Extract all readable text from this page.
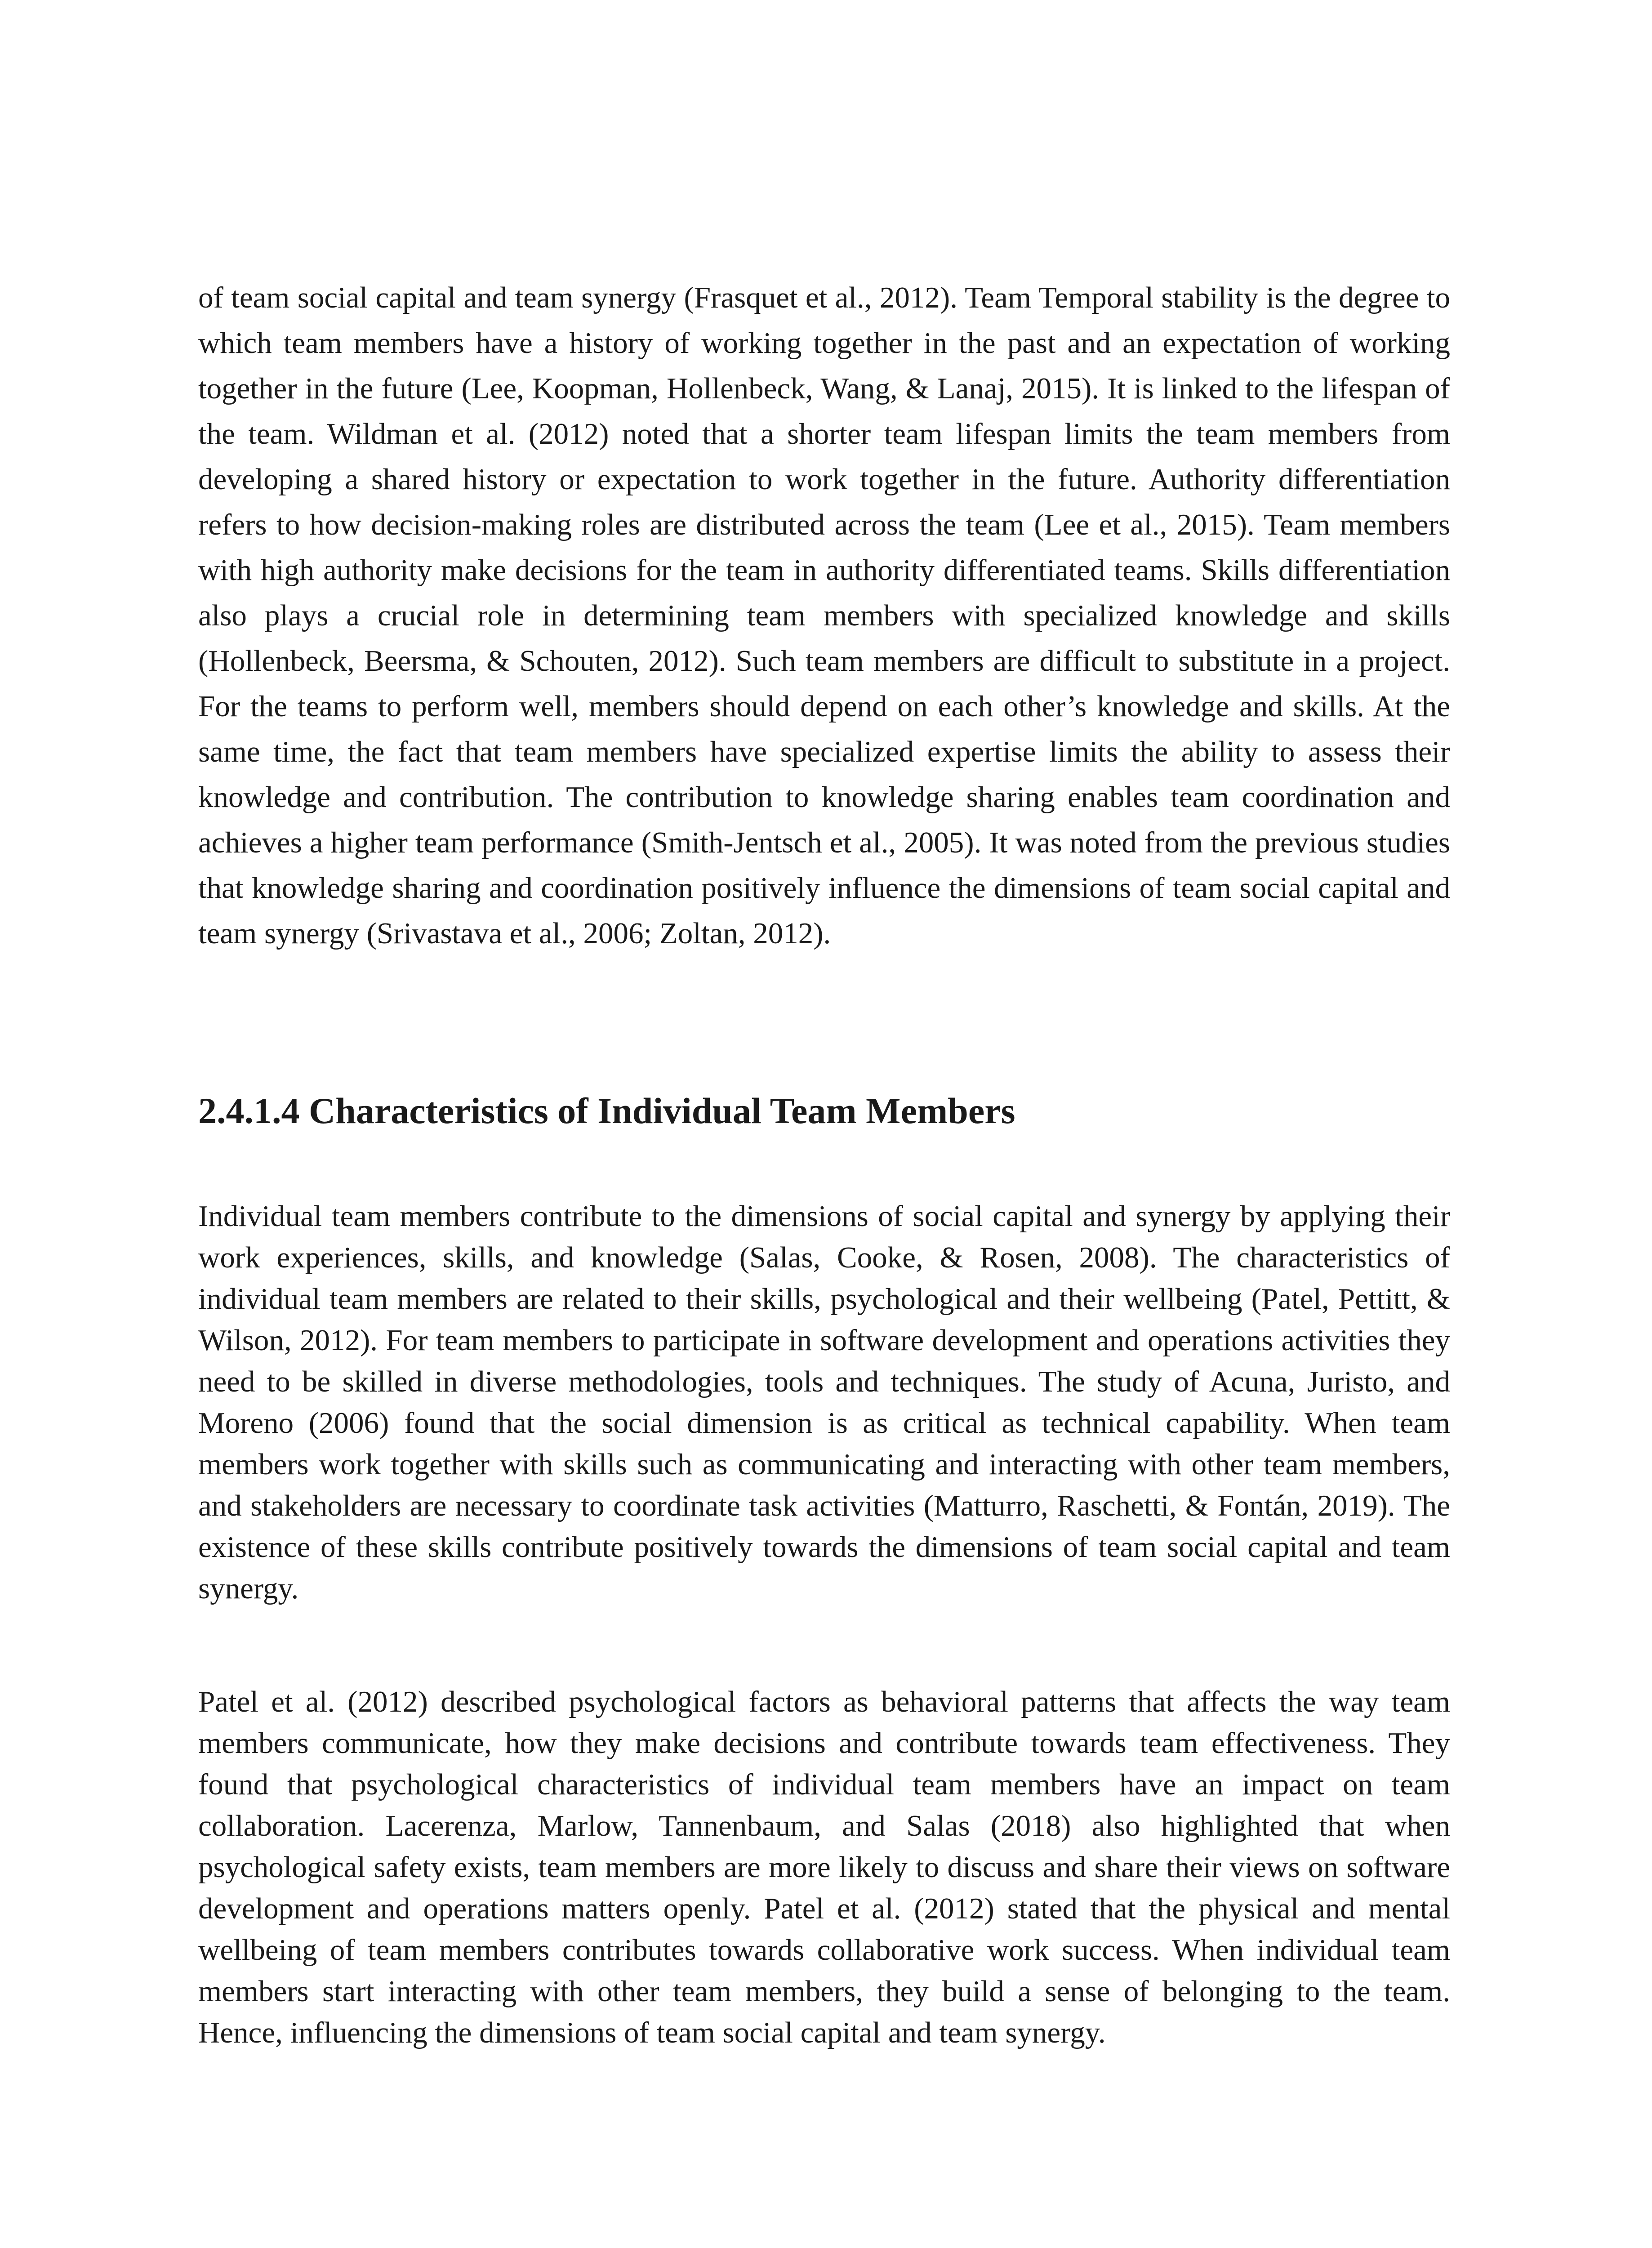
of team social capital and team synergy (Frasquet et al., 2012). Team Temporal stability is the degree to which team members have a history of working together in the past and an expectation of working together in the future (Lee, Koopman, Hollenbeck, Wang, & Lanaj, 2015). It is linked to the lifespan of the team. Wildman et al. (2012) noted that a shorter team lifespan limits the team members from developing a shared history or expectation to work together in the future. Authority differentiation refers to how decision-making roles are distributed across the team (Lee et al., 2015). Team members with high authority make decisions for the team in authority differentiated teams. Skills differentiation also plays a crucial role in determining team members with specialized knowledge and skills (Hollenbeck, Beersma, & Schouten, 2012). Such team members are difficult to substitute in a project. For the teams to perform well, members should depend on each other’s knowledge and skills. At the same time, the fact that team members have specialized expertise limits the ability to assess their knowledge and contribution. The contribution to knowledge sharing enables team coordination and achieves a higher team performance (Smith-Jentsch et al., 2005). It was noted from the previous studies that knowledge sharing and coordination positively influence the dimensions of team social capital and team synergy (Srivastava et al., 2006; Zoltan, 2012).

2.4.1.4 Characteristics of Individual Team Members

Individual team members contribute to the dimensions of social capital and synergy by applying their work experiences, skills, and knowledge (Salas, Cooke, & Rosen, 2008). The characteristics of individual team members are related to their skills, psychological and their wellbeing (Patel, Pettitt, & Wilson, 2012). For team members to participate in software development and operations activities they need to be skilled in diverse methodologies, tools and techniques. The study of Acuna, Juristo, and Moreno (2006) found that the social dimension is as critical as technical capability. When team members work together with skills such as communicating and interacting with other team members, and stakeholders are necessary to coordinate task activities (Matturro, Raschetti, & Fontán, 2019). The existence of these skills contribute positively towards the dimensions of team social capital and team synergy.

Patel et al. (2012) described psychological factors as behavioral patterns that affects the way team members communicate, how they make decisions and contribute towards team effectiveness. They found that psychological characteristics of individual team members have an impact on team collaboration. Lacerenza, Marlow, Tannenbaum, and Salas (2018) also highlighted that when psychological safety exists, team members are more likely to discuss and share their views on software development and operations matters openly. Patel et al. (2012) stated that the physical and mental wellbeing of team members contributes towards collaborative work success. When individual team members start interacting with other team members, they build a sense of belonging to the team. Hence, influencing the dimensions of team social capital and team synergy.
